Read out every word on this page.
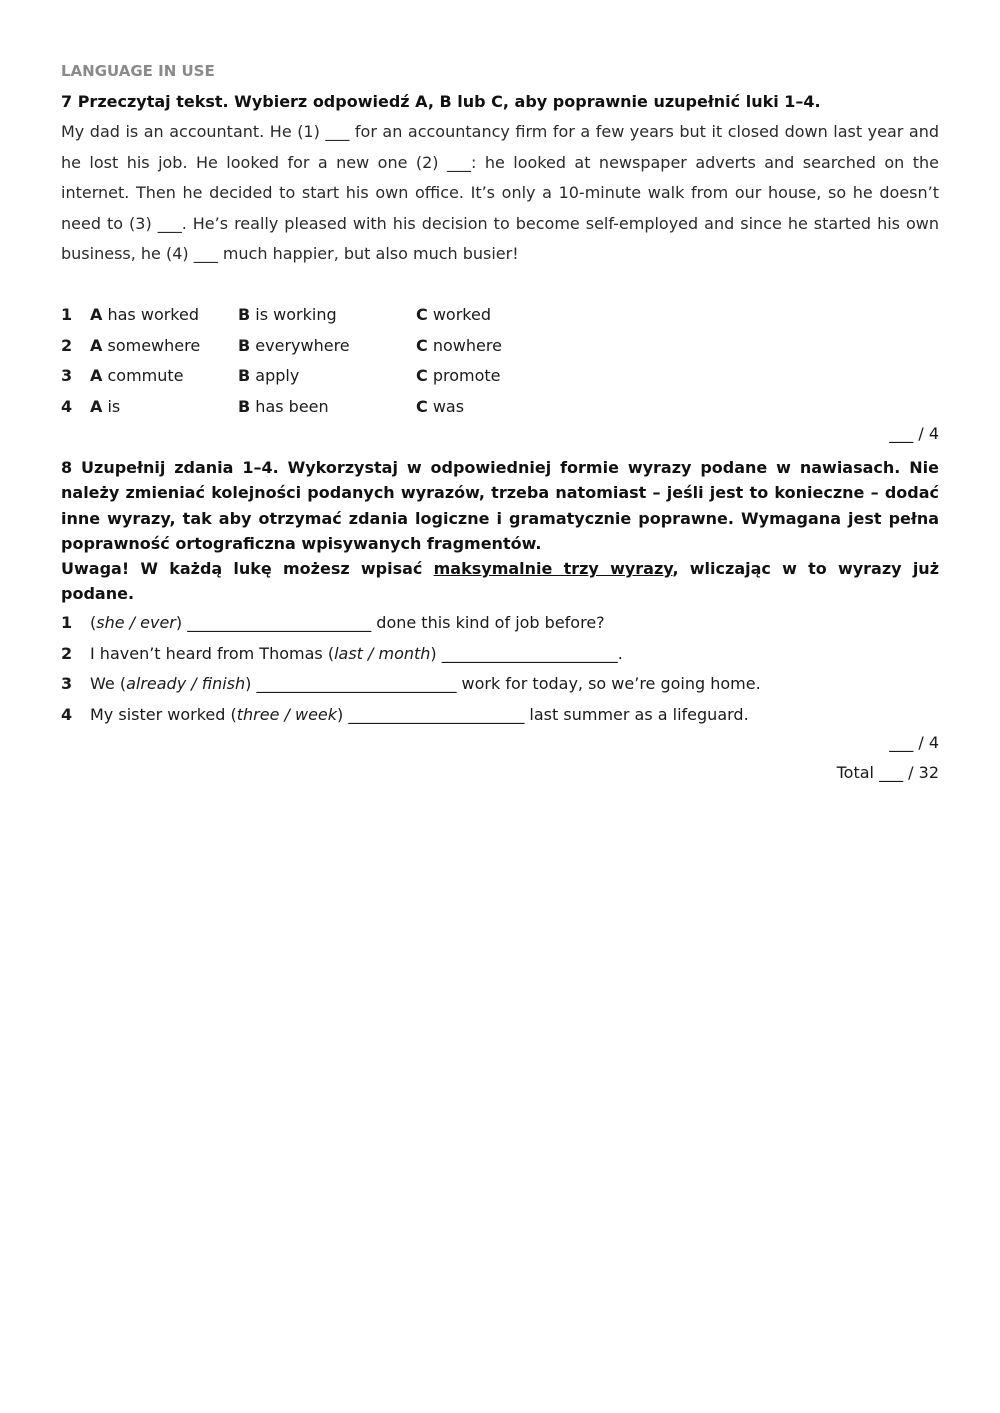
LANGUAGE IN USE
7 Przeczytaj tekst. Wybierz odpowiedź A, B lub C, aby poprawnie uzupełnić luki 1–4.
My dad is an accountant. He (1) ___ for an accountancy firm for a few years but it closed down last year and he lost his job. He looked for a new one (2) ___: he looked at newspaper adverts and searched on the internet. Then he decided to start his own office. It’s only a 10-minute walk from our house, so he doesn’t need to (3) ___. He’s really pleased with his decision to become self-employed and since he started his own business, he (4) ___ much happier, but also much busier!
1 A has worked B is working	C worked
2 A somewhere B everywhere	C nowhere
3 A commute	B apply	C promote
4 A is	B has been	C was
___ / 4
8 Uzupełnij zdania 1–4. Wykorzystaj w odpowiedniej formie wyrazy podane w nawiasach. Nie należy zmieniać kolejności podanych wyrazów, trzeba natomiast – jeśli jest to konieczne – dodać inne wyrazy, tak aby otrzymać zdania logiczne i gramatycznie poprawne. Wymagana jest pełna poprawność ortograficzna wpisywanych fragmentów.
Uwaga! W każdą lukę możesz wpisać maksymalnie trzy wyrazy, wliczając w to wyrazy już podane.
1 (she / ever) _______________________ done this kind of job before?
2 I haven’t heard from Thomas (last / month) ______________________.
3 We (already / finish) _________________________ work for today, so we’re going home.
4 My sister worked (three / week) ______________________ last summer as a lifeguard.
___ / 4
Total ___ / 32
